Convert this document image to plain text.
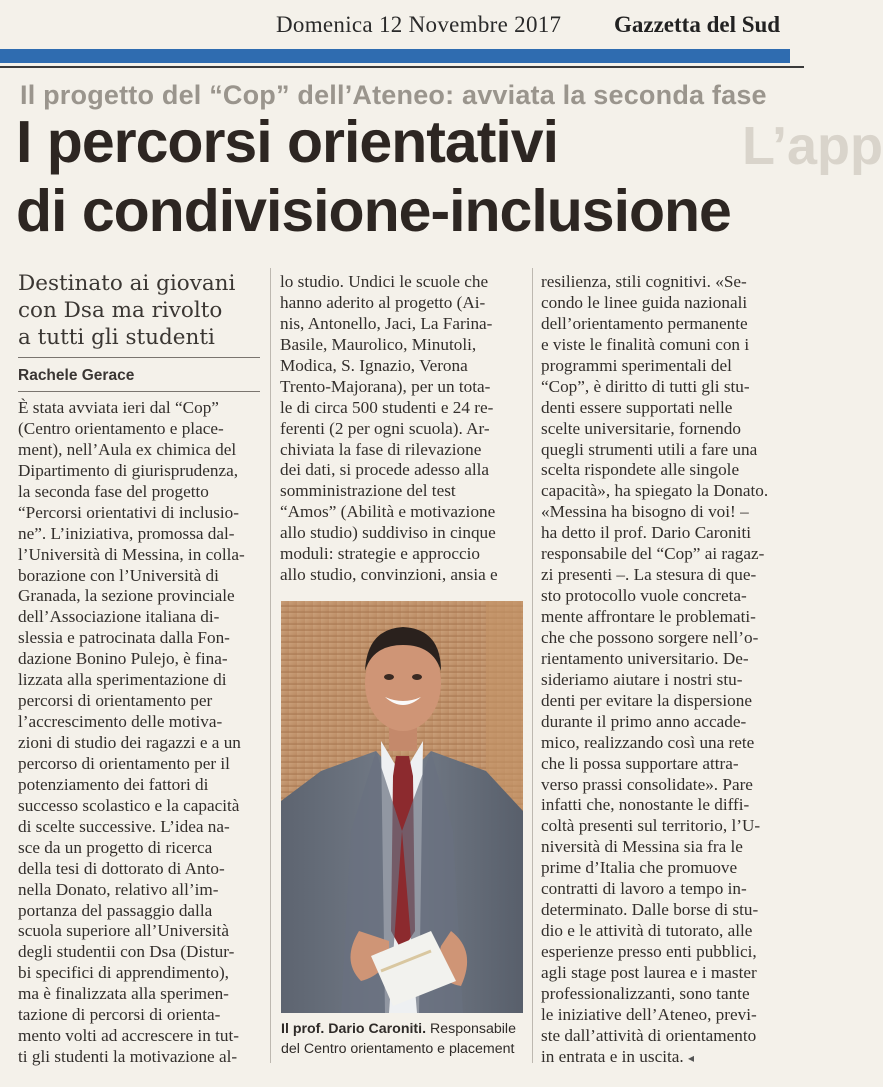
Domenica 12 Novembre 2017 Gazzetta del Sud
Il progetto del “Cop” dell’Ateneo: avviata la seconda fase
I percorsi orientativi
di condivisione-inclusione
L’app
Destinato ai giovani
con Dsa ma rivolto
a tutti gli studenti
Rachele Gerace
È stata avviata ieri dal “Cop”
(Centro orientamento e place-
ment), nell’Aula ex chimica del
Dipartimento di giurisprudenza,
la seconda fase del progetto
“Percorsi orientativi di inclusio-
ne”. L’iniziativa, promossa dal-
l’Università di Messina, in colla-
borazione con l’Università di
Granada, la sezione provinciale
dell’Associazione italiana di-
slessia e patrocinata dalla Fon-
dazione Bonino Pulejo, è fina-
lizzata alla sperimentazione di
percorsi di orientamento per
l’accrescimento delle motiva-
zioni di studio dei ragazzi e a un
percorso di orientamento per il
potenziamento dei fattori di
successo scolastico e la capacità
di scelte successive. L’idea na-
sce da un progetto di ricerca
della tesi di dottorato di Anto-
nella Donato, relativo all’im-
portanza del passaggio dalla
scuola superiore all’Università
degli studentii con Dsa (Distur-
bi specifici di apprendimento),
ma è finalizzata alla sperimen-
tazione di percorsi di orienta-
mento volti ad accrescere in tut-
ti gli studenti la motivazione al-
lo studio. Undici le scuole che
hanno aderito al progetto (Ai-
nis, Antonello, Jaci, La Farina-
Basile, Maurolico, Minutoli,
Modica, S. Ignazio, Verona
Trento-Majorana), per un tota-
le di circa 500 studenti e 24 re-
ferenti (2 per ogni scuola). Ar-
chiviata la fase di rilevazione
dei dati, si procede adesso alla
somministrazione del test
“Amos” (Abilità e motivazione
allo studio) suddiviso in cinque
moduli: strategie e approccio
allo studio, convinzioni, ansia e
resilienza, stili cognitivi. «Se-
condo le linee guida nazionali
dell’orientamento permanente
e viste le finalità comuni con i
programmi sperimentali del
“Cop”, è diritto di tutti gli stu-
denti essere supportati nelle
scelte universitarie, fornendo
quegli strumenti utili a fare una
scelta rispondete alle singole
capacità», ha spiegato la Donato.
«Messina ha bisogno di voi! –
ha detto il prof. Dario Caroniti
responsabile del “Cop” ai ragaz-
zi presenti –. La stesura di que-
sto protocollo vuole concreta-
mente affrontare le problemati-
che che possono sorgere nell’o-
rientamento universitario. De-
sideriamo aiutare i nostri stu-
denti per evitare la dispersione
durante il primo anno accade-
mico, realizzando così una rete
che li possa supportare attra-
verso prassi consolidate». Pare
infatti che, nonostante le diffi-
coltà presenti sul territorio, l’U-
niversità di Messina sia fra le
prime d’Italia che promuove
contratti di lavoro a tempo in-
determinato. Dalle borse di stu-
dio e le attività di tutorato, alle
esperienze presso enti pubblici,
agli stage post laurea e i master
professionalizzanti, sono tante
le iniziative dell’Ateneo, previ-
ste dall’attività di orientamento
in entrata e in uscita. ◂
Il prof. Dario Caroniti. Responsabile
del Centro orientamento e placement
